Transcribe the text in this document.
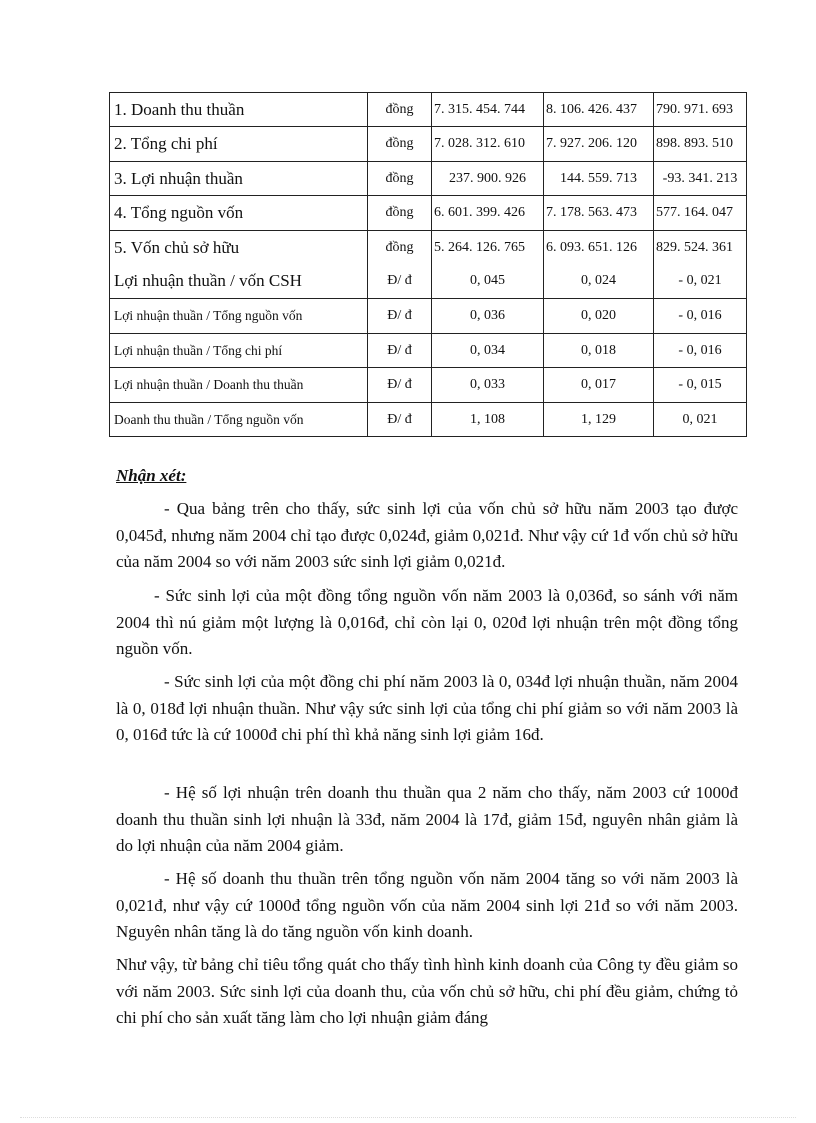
1. Doanh thu thuần	đồng	7. 315. 454. 744	8. 106. 426. 437	790. 971. 693
2. Tổng chi phí	đồng	7. 028. 312. 610	7. 927. 206. 120	898. 893. 510
3. Lợi nhuận thuần	đồng	237. 900. 926	144. 559. 713	-93. 341. 213
4. Tổng nguồn vốn	đồng	6. 601. 399. 426	7. 178. 563. 473	577. 164. 047
5. Vốn chủ sở hữu	đồng	5. 264. 126. 765	6. 093. 651. 126	829. 524. 361
Lợi nhuận thuần / vốn CSH	Đ/ đ	0, 045	0, 024	- 0, 021
Lợi nhuận thuần / Tổng nguồn vốn	Đ/ đ	0, 036	0, 020	- 0, 016
Lợi nhuận thuần / Tổng chi phí	Đ/ đ	0, 034	0, 018	- 0, 016
Lợi nhuận thuần / Doanh thu thuần	Đ/ đ	0, 033	0, 017	- 0, 015
Doanh thu thuần / Tổng nguồn vốn	Đ/ đ	1, 108	1, 129	0, 021
Nhận xét:
- Qua bảng trên cho thấy, sức sinh lợi của vốn chủ sở hữu năm 2003 tạo được 0,045đ, nhưng năm 2004 chỉ tạo được 0,024đ, giảm 0,021đ. Như vậy cứ 1đ vốn chủ sở hữu của năm 2004 so với năm 2003 sức sinh lợi giảm 0,021đ.
- Sức sinh lợi của một đồng tổng nguồn vốn năm 2003 là 0,036đ, so sánh với năm 2004 thì nú giảm một lượng là 0,016đ, chỉ còn lại 0, 020đ lợi nhuận trên một đồng tổng nguồn vốn.
- Sức sinh lợi của một đồng chi phí năm 2003 là 0, 034đ lợi nhuận thuần, năm 2004 là 0, 018đ lợi nhuận thuần. Như vậy sức sinh lợi của tổng chi phí giảm so với năm 2003 là 0, 016đ tức là cứ 1000đ chi phí thì khả năng sinh lợi giảm 16đ.
- Hệ số lợi nhuận trên doanh thu thuần qua 2 năm cho thấy, năm 2003 cứ 1000đ doanh thu thuần sinh lợi nhuận là 33đ, năm 2004 là 17đ, giảm 15đ, nguyên nhân giảm là do lợi nhuận của năm 2004 giảm.
- Hệ số doanh thu thuần trên tổng nguồn vốn năm 2004 tăng so với năm 2003 là 0,021đ, như vậy cứ 1000đ tổng nguồn vốn của năm 2004 sinh lợi 21đ so với năm 2003. Nguyên nhân tăng là do tăng nguồn vốn kinh doanh.
Như vậy, từ bảng chỉ tiêu tổng quát cho thấy tình hình kinh doanh của Công ty đều giảm so với năm 2003. Sức sinh lợi của doanh thu, của vốn chủ sở hữu, chi phí đều giảm, chứng tỏ chi phí cho sản xuất tăng làm cho lợi nhuận giảm đáng
